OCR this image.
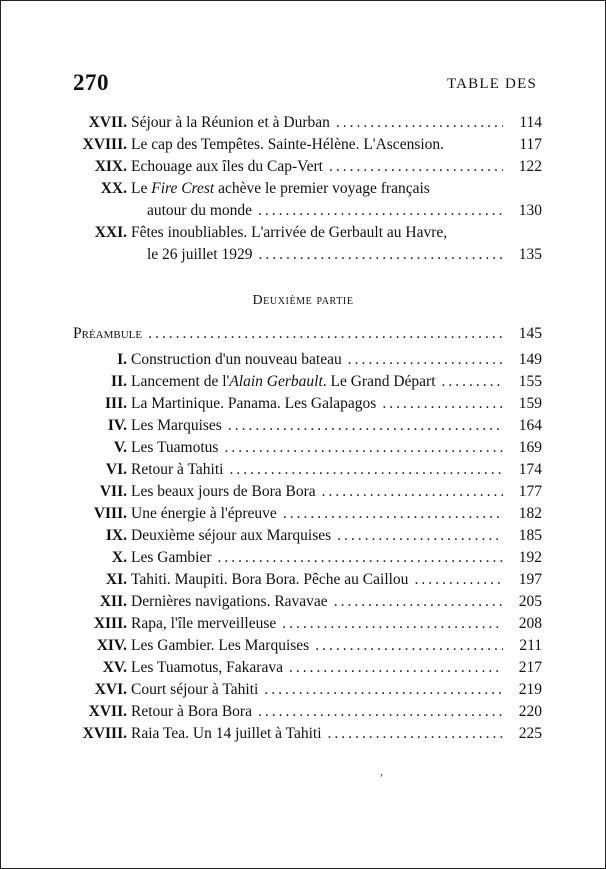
270	TABLE DES
XVII. Séjour à la Réunion et à Durban .....	114
XVIII. Le cap des Tempêtes. Sainte-Hélène. L'Ascension.	117
XIX. Echouage aux îles du Cap-Vert .....	122
XX. Le Fire Crest achève le premier voyage français
autour du monde .....	130
XXI. Fêtes inoubliables. L'arrivée de Gerbault au Havre,
le 26 juillet 1929 .....	135
Deuxième partie
Préambule .....	145
I. Construction d'un nouveau bateau .....	149
II. Lancement de l'Alain Gerbault. Le Grand Départ .....	155
III. La Martinique. Panama. Les Galapagos .....	159
IV. Les Marquises .....	164
V. Les Tuamotus .....	169
VI. Retour à Tahiti .....	174
VII. Les beaux jours de Bora Bora .....	177
VIII. Une énergie à l'épreuve .....	182
IX. Deuxième séjour aux Marquises .....	185
X. Les Gambier .....	192
XI. Tahiti. Maupiti. Bora Bora. Pêche au Caillou .....	197
XII. Dernières navigations. Ravavae .....	205
XIII. Rapa, l'île merveilleuse .....	208
XIV. Les Gambier. Les Marquises .....	211
XV. Les Tuamotus, Fakarava .....	217
XVI. Court séjour à Tahiti .....	219
XVII. Retour à Bora Bora .....	220
XVIII. Raia Tea. Un 14 juillet à Tahiti .....	225
,
